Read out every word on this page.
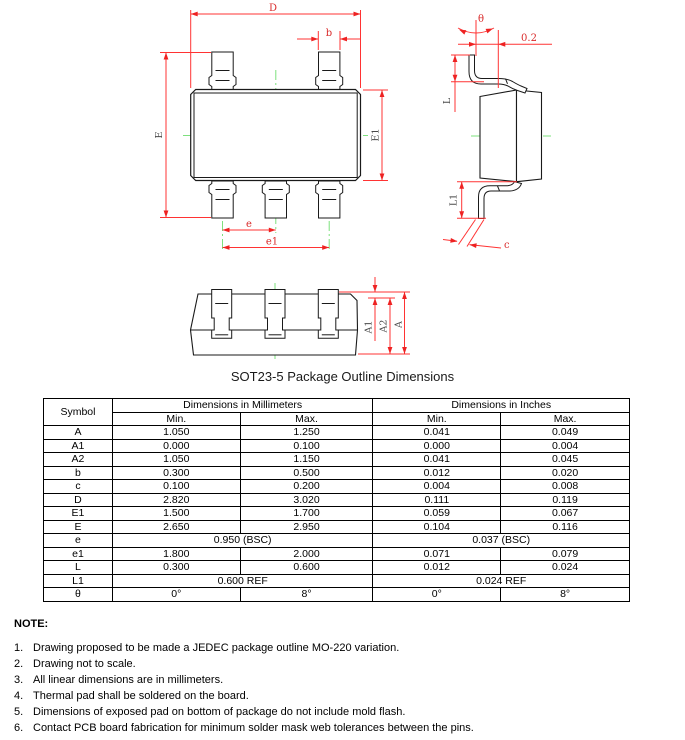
D
b
E	E1
e
e1
θ
0.2
L
L1
c
A1 A2 A
SOT23-5 Package Outline Dimensions
Symbol	Dimensions in Millimeters		Dimensions in Inches	
	Min.	Max.	Min.	Max.
A	1.050	1.250	0.041	0.049
A1	0.000	0.100	0.000	0.004
A2	1.050	1.150	0.041	0.045
b	0.300	0.500	0.012	0.020
c	0.100	0.200	0.004	0.008
D	2.820	3.020	0.111	0.119
E1	1.500	1.700	0.059	0.067
E	2.650	2.950	0.104	0.116
e	0.950 (BSC)		0.037 (BSC)	
e1	1.800	2.000	0.071	0.079
L	0.300	0.600	0.012	0.024
L1	0.600 REF		0.024 REF	
θ	0°	8°	0°	8°
NOTE:
1. Drawing proposed to be made a JEDEC package outline MO-220 variation.
2. Drawing not to scale.
3. All linear dimensions are in millimeters.
4. Thermal pad shall be soldered on the board.
5. Dimensions of exposed pad on bottom of package do not include mold flash.
6. Contact PCB board fabrication for minimum solder mask web tolerances between the pins.
